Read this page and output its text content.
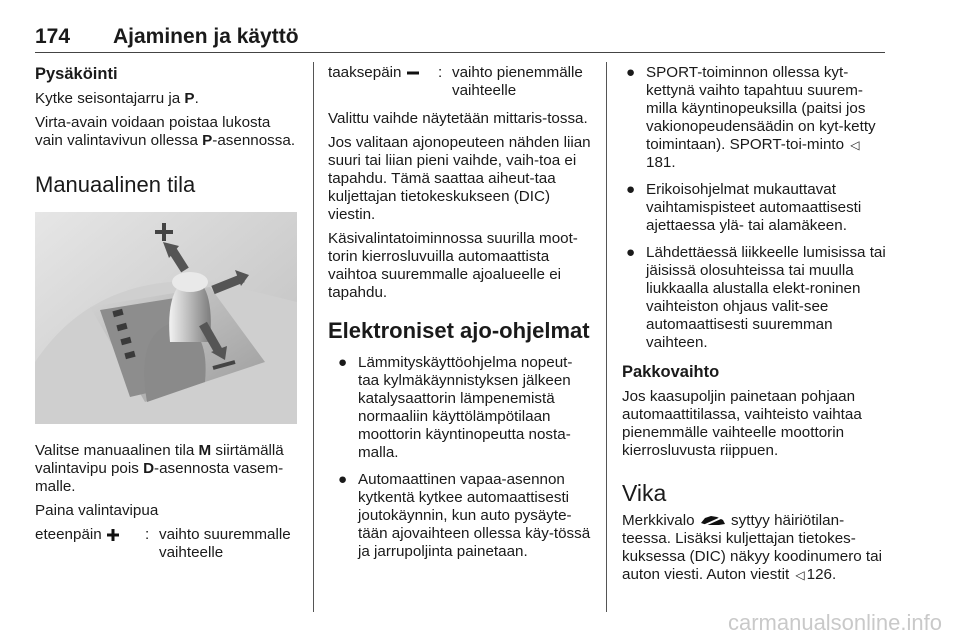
174 Ajaminen ja käyttö
Pysäköinti

Kytke seisontajarru ja P.

Virta-avain voidaan poistaa lukosta vain valintavivun ollessa P-asennossa.

Manuaalinen tila

Valitse manuaalinen tila M siirtämällä valintavipu pois D-asennosta vasem-malle.

Paina valintavipua

eteenpäin	: vaihto suuremmalle vaihteelle
taaksepäin	: vaihto pienemmälle vaihteelle

Valittu vaihde näytetään mittaris-tossa.

Jos valitaan ajonopeuteen nähden liian suuri tai liian pieni vaihde, vaih-toa ei tapahdu. Tämä saattaa aiheut-taa kuljettajan tietokeskukseen (DIC) viestin.

Käsivalintatoiminnossa suurilla moot-torin kierrosluvuilla automaattista vaihtoa suuremmalle ajoalueelle ei tapahdu.

Elektroniset ajo-ohjelmat
● Lämmityskäyttöohjelma nopeut-taa kylmäkäynnistyksen jälkeen katalysaattorin lämpenemistä normaaliin käyttölämpötilaan moottorin käyntinopeutta nosta-malla.
● Automaattinen vapaa-asennon kytkentä kytkee automaattisesti joutokäynnin, kun auto pysäyte-tään ajovaihteen ollessa käy-tössä ja jarrupoljinta painetaan.
● SPORT-toiminnon ollessa kyt-kettynä vaihto tapahtuu suurem-milla käyntinopeuksilla (paitsi jos vakionopeudensäädin on kyt-ketty toimintaan). SPORT-toi-minto ◁181.
● Erikoisohjelmat mukauttavat vaihtamispisteet automaattisesti ajettaessa ylä- tai alamäkeen.
● Lähdettäessä liikkeelle lumisissa tai jäisissä olosuhteissa tai muulla liukkaalla alustalla elekt-roninen vaihteiston ohjaus valit-see automaattisesti suuremman vaihteen.
Pakkovaihto

Jos kaasupoljin painetaan pohjaan automaattitilassa, vaihteisto vaihtaa pienemmälle vaihteelle moottorin kierrosluvusta riippuen.

Vika

Merkkivalo  syttyy häiriötilan-teessa. Lisäksi kuljettajan tietokes-kuksessa (DIC) näkyy koodinumero tai auton viesti. Auton viestit ◁ 126.

carmanualsonline.info
